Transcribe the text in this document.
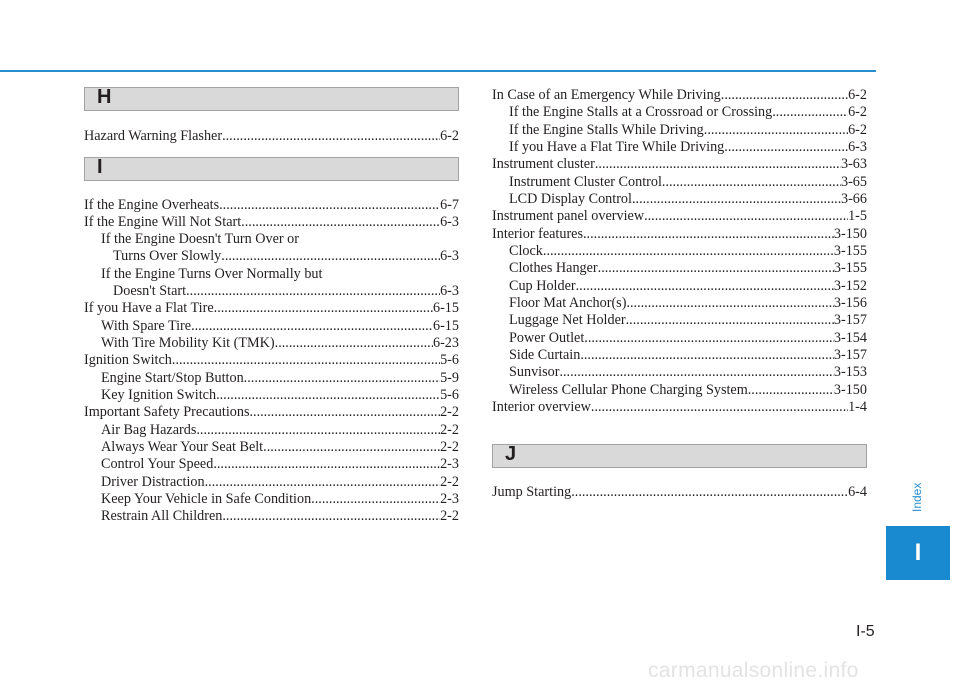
H
Hazard Warning Flasher .....	6-2
I
If the Engine Overheats .....	6-7
If the Engine Will Not Start .....	6-3
If the Engine Doesn't Turn Over or
Turns Over Slowly .....	6-3
If the Engine Turns Over Normally but
Doesn't Start .....	6-3
If you Have a Flat Tire .....	6-15
With Spare Tire .....	6-15
With Tire Mobility Kit (TMK) .....	6-23
Ignition Switch .....	5-6
Engine Start/Stop Button .....	5-9
Key Ignition Switch .....	5-6
Important Safety Precautions .....	2-2
Air Bag Hazards .....	2-2
Always Wear Your Seat Belt .....	2-2
Control Your Speed .....	2-3
Driver Distraction .....	2-2
Keep Your Vehicle in Safe Condition .....	2-3
Restrain All Children .....	2-2
In Case of an Emergency While Driving .....	6-2
If the Engine Stalls at a Crossroad or Crossing .....	6-2
If the Engine Stalls While Driving .....	6-2
If you Have a Flat Tire While Driving .....	6-3
Instrument cluster .....	3-63
Instrument Cluster Control .....	3-65
LCD Display Control .....	3-66
Instrument panel overview .....	1-5
Interior features .....	3-150
Clock .....	3-155
Clothes Hanger .....	3-155
Cup Holder .....	3-152
Floor Mat Anchor(s) .....	3-156
Luggage Net Holder .....	3-157
Power Outlet .....	3-154
Side Curtain .....	3-157
Sunvisor .....	3-153
Wireless Cellular Phone Charging System .....	3-150
Interior overview .....	1-4
J
Jump Starting .....	6-4	Index
I
I-5
carmanualsonline.info
